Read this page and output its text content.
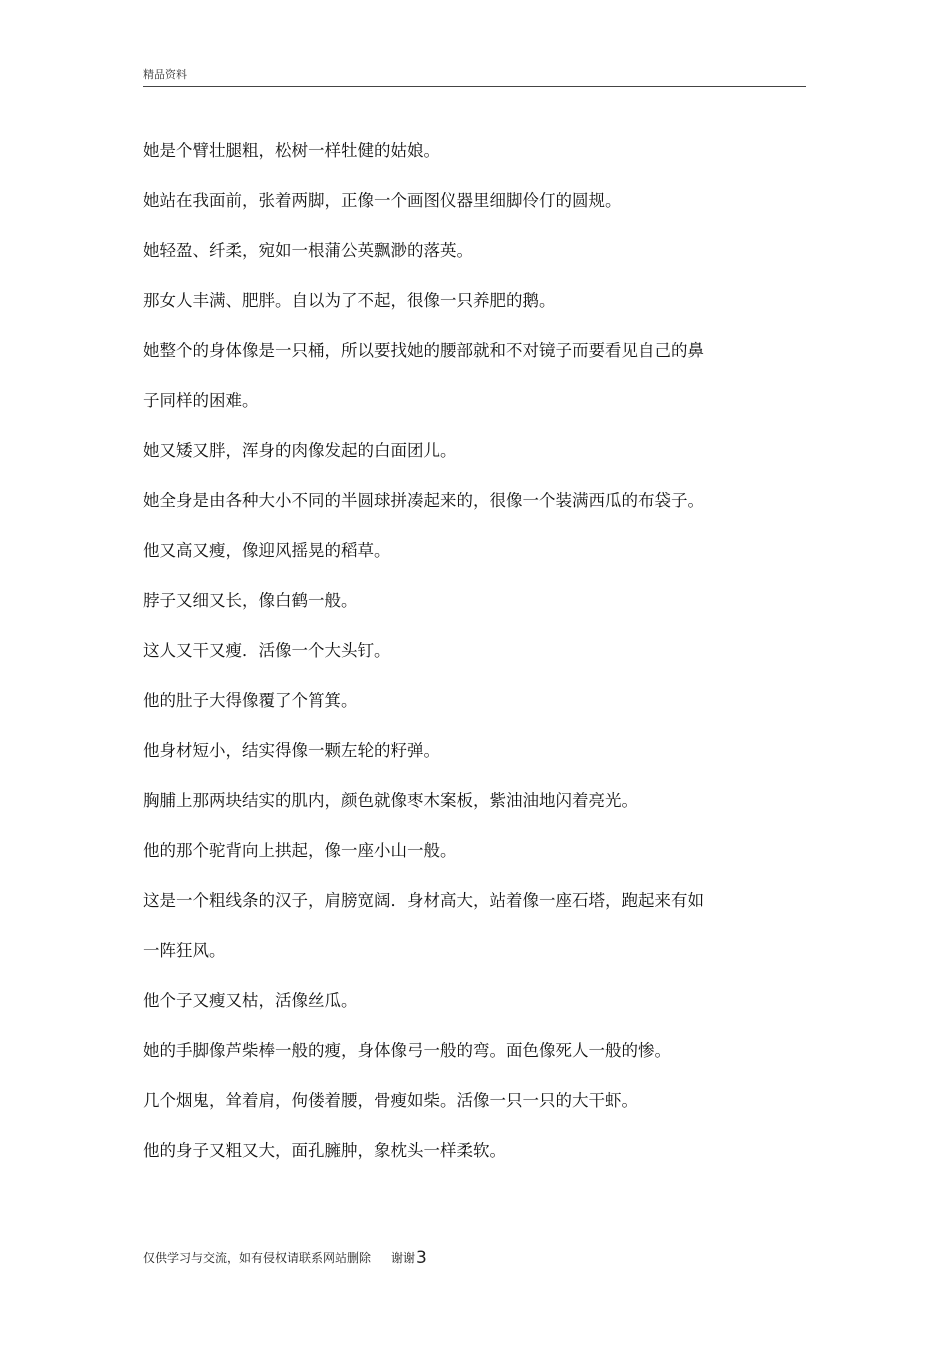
精品资料
她是个臂壮腿粗，松树一样牡健的姑娘。
她站在我面前，张着两脚，正像一个画图仪器里细脚伶仃的圆规。
她轻盈、纤柔，宛如一根蒲公英飘渺的落英。
那女人丰满、肥胖。自以为了不起，很像一只养肥的鹅。
她整个的身体像是一只桶，所以要找她的腰部就和不对镜子而要看见自己的鼻
子同样的困难。
她又矮又胖，浑身的肉像发起的白面团儿。
她全身是由各种大小不同的半圆球拼凑起来的，很像一个装满西瓜的布袋子。
他又高又瘦，像迎风摇晃的稻草。
脖子又细又长，像白鹤一般。
这人又干又瘦．活像一个大头钉。
他的肚子大得像覆了个筲箕。
他身材短小，结实得像一颗左轮的籽弹。
胸脯上那两块结实的肌内，颜色就像枣木案板，紫油油地闪着亮光。
他的那个驼背向上拱起，像一座小山一般。
这是一个粗线条的汉子，肩膀宽阔．身材高大，站着像一座石塔，跑起来有如
一阵狂风。
他个子又瘦又枯，活像丝瓜。
她的手脚像芦柴棒一般的瘦，身体像弓一般的弯。面色像死人一般的惨。
几个烟鬼，耸着肩，佝偻着腰，骨瘦如柴。活像一只一只的大干虾。
他的身子又粗又大，面孔臃肿，象枕头一样柔软。
仅供学习与交流，如有侵权请联系网站删除 谢谢3
